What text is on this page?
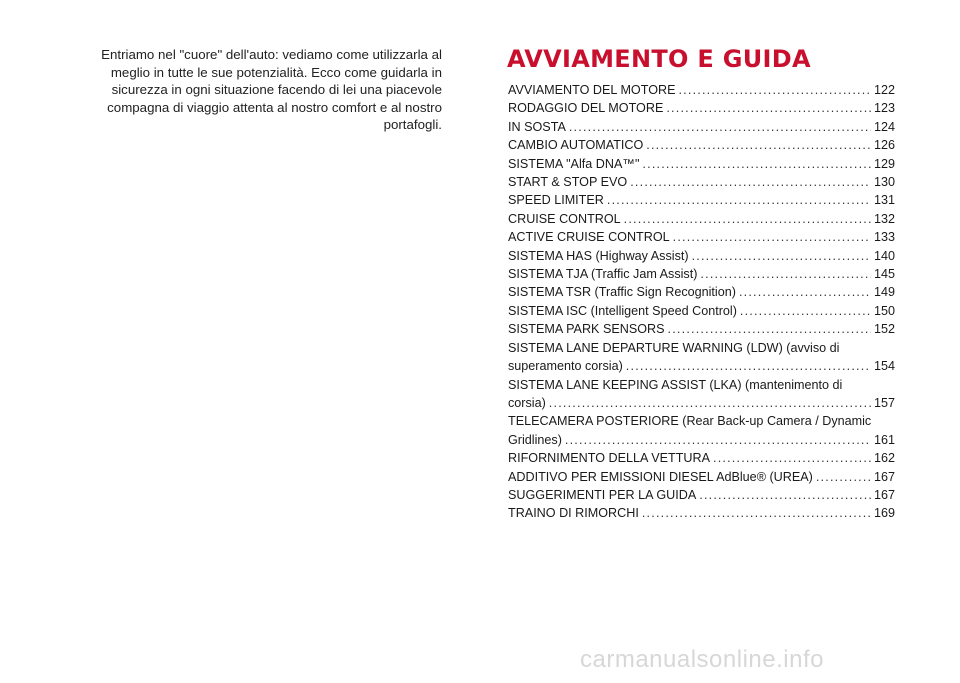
Entriamo nel "cuore" dell'auto: vediamo come utilizzarla al meglio in tutte le sue potenzialità. Ecco come guidarla in sicurezza in ogni situazione facendo di lei una piacevole compagna di viaggio attenta al nostro comfort e al nostro portafogli.
AVVIAMENTO E GUIDA
AVVIAMENTO DEL MOTORE .....	122
RODAGGIO DEL MOTORE .....	123
IN SOSTA .....	124
CAMBIO AUTOMATICO .....	126
SISTEMA "Alfa DNA™" .....	129
START & STOP EVO .....	130
SPEED LIMITER .....	131
CRUISE CONTROL .....	132
ACTIVE CRUISE CONTROL .....	133
SISTEMA HAS (Highway Assist) .....	140
SISTEMA TJA (Traffic Jam Assist) .....	145
SISTEMA TSR (Traffic Sign Recognition) .....	149
SISTEMA ISC (Intelligent Speed Control) .....	150
SISTEMA PARK SENSORS .....	152
SISTEMA LANE DEPARTURE WARNING (LDW) (avviso di
superamento corsia) .....	154
SISTEMA LANE KEEPING ASSIST (LKA) (mantenimento di
corsia) .....	157
TELECAMERA POSTERIORE (Rear Back-up Camera / Dynamic
Gridlines) .....	161
RIFORNIMENTO DELLA VETTURA .....	162
ADDITIVO PER EMISSIONI DIESEL AdBlue® (UREA) .....	167
SUGGERIMENTI PER LA GUIDA .....	167
TRAINO DI RIMORCHI .....	169
carmanualsonline.info
